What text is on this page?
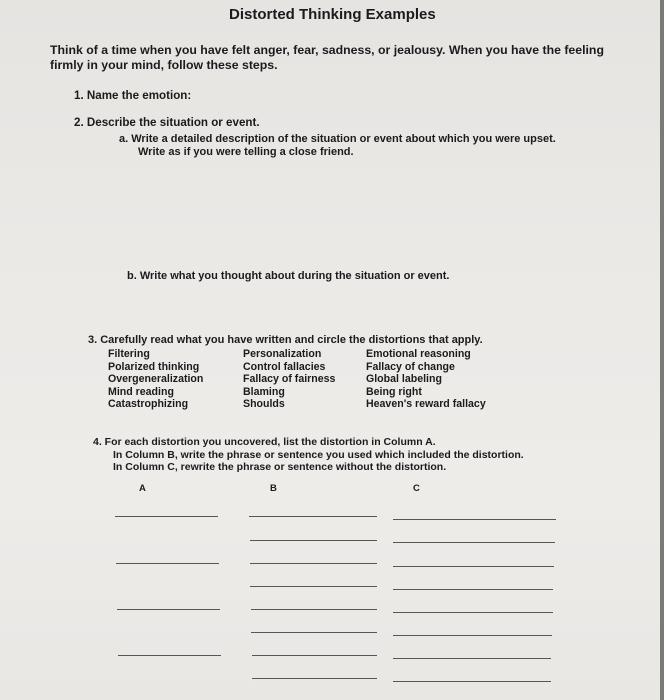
Distorted Thinking Examples
Think of a time when you have felt anger, fear, sadness, or jealousy. When you have the feeling
firmly in your mind, follow these steps.
1. Name the emotion:
2. Describe the situation or event.
a. Write a detailed description of the situation or event about which you were upset.
Write as if you were telling a close friend.
b. Write what you thought about during the situation or event.
3. Carefully read what you have written and circle the distortions that apply.
Filtering
Polarized thinking
Overgeneralization
Mind reading
Catastrophizing
Personalization
Control fallacies
Fallacy of fairness
Blaming
Shoulds
Emotional reasoning
Fallacy of change
Global labeling
Being right
Heaven's reward fallacy
4. For each distortion you uncovered, list the distortion in Column A.
In Column B, write the phrase or sentence you used which included the distortion.
In Column C, rewrite the phrase or sentence without the distortion.
A	B	C
